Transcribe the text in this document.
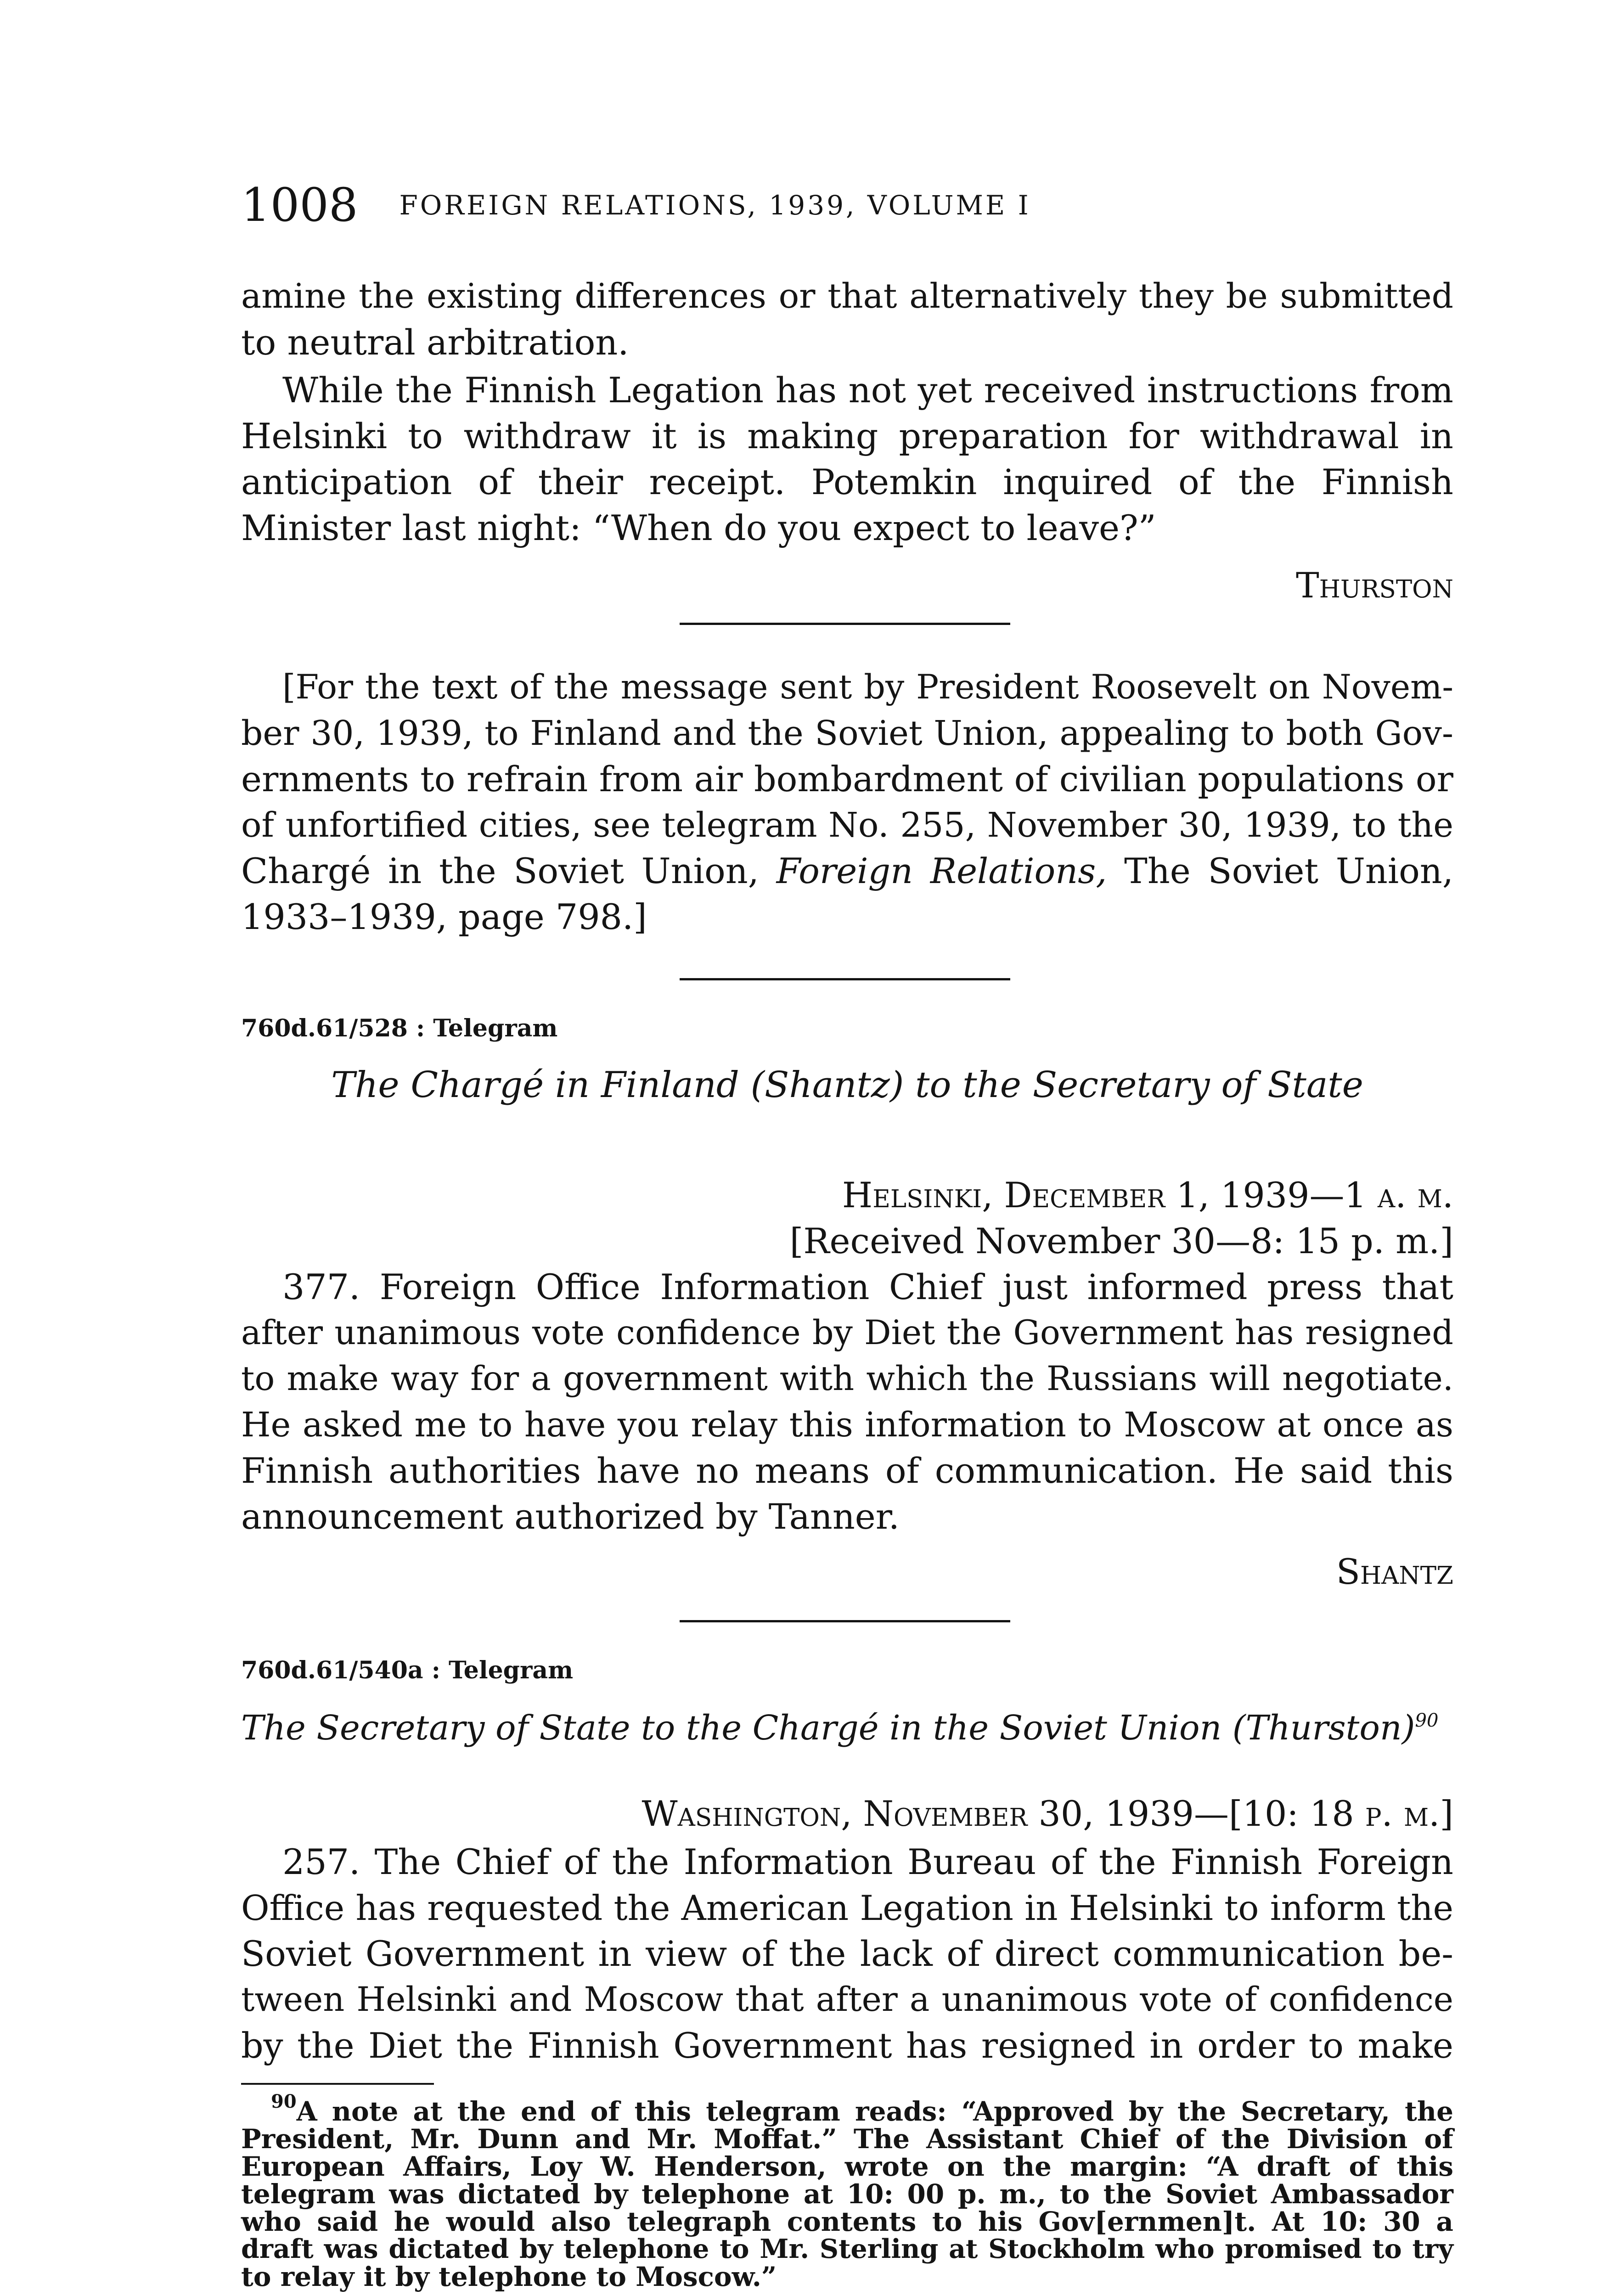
1008 FOREIGN RELATIONS, 1939, VOLUME I
amine the existing differences or that alternatively they be submitted
to neutral arbitration.
While the Finnish Legation has not yet received instructions from
Helsinki to withdraw it is making preparation for withdrawal in
anticipation of their receipt. Potemkin inquired of the Finnish
Minister last night: “When do you expect to leave?”
Thurston
[For the text of the message sent by President Roosevelt on Novem-
ber 30, 1939, to Finland and the Soviet Union, appealing to both Gov-
ernments to refrain from air bombardment of civilian populations or
of unfortified cities, see telegram No. 255, November 30, 1939, to the
Chargé in the Soviet Union, Foreign Relations, The Soviet Union,
1933–1939, page 798.]
760d.61/528 : Telegram
The Chargé in Finland (Shantz) to the Secretary of State
Helsinki, December 1, 1939—1 a. m.
[Received November 30—8: 15 p. m.]
377. Foreign Office Information Chief just informed press that
after unanimous vote confidence by Diet the Government has resigned
to make way for a government with which the Russians will negotiate.
He asked me to have you relay this information to Moscow at once as
Finnish authorities have no means of communication. He said this
announcement authorized by Tanner.
Shantz
760d.61/540a : Telegram
The Secretary of State to the Chargé in the Soviet Union (Thurston)$^{90}$
Washington, November 30, 1939—[10: 18 p. m.]
257. The Chief of the Information Bureau of the Finnish Foreign
Office has requested the American Legation in Helsinki to inform the
Soviet Government in view of the lack of direct communication be-
tween Helsinki and Moscow that after a unanimous vote of confidence
by the Diet the Finnish Government has resigned in order to make
$^{90}$A note at the end of this telegram reads: “Approved by the Secretary, the
President, Mr. Dunn and Mr. Moffat.” The Assistant Chief of the Division of
European Affairs, Loy W. Henderson, wrote on the margin: “A draft of this
telegram was dictated by telephone at 10: 00 p. m., to the Soviet Ambassador
who said he would also telegraph contents to his Gov[ernmen]t. At 10: 30 a
draft was dictated by telephone to Mr. Sterling at Stockholm who promised to try
to relay it by telephone to Moscow.”
